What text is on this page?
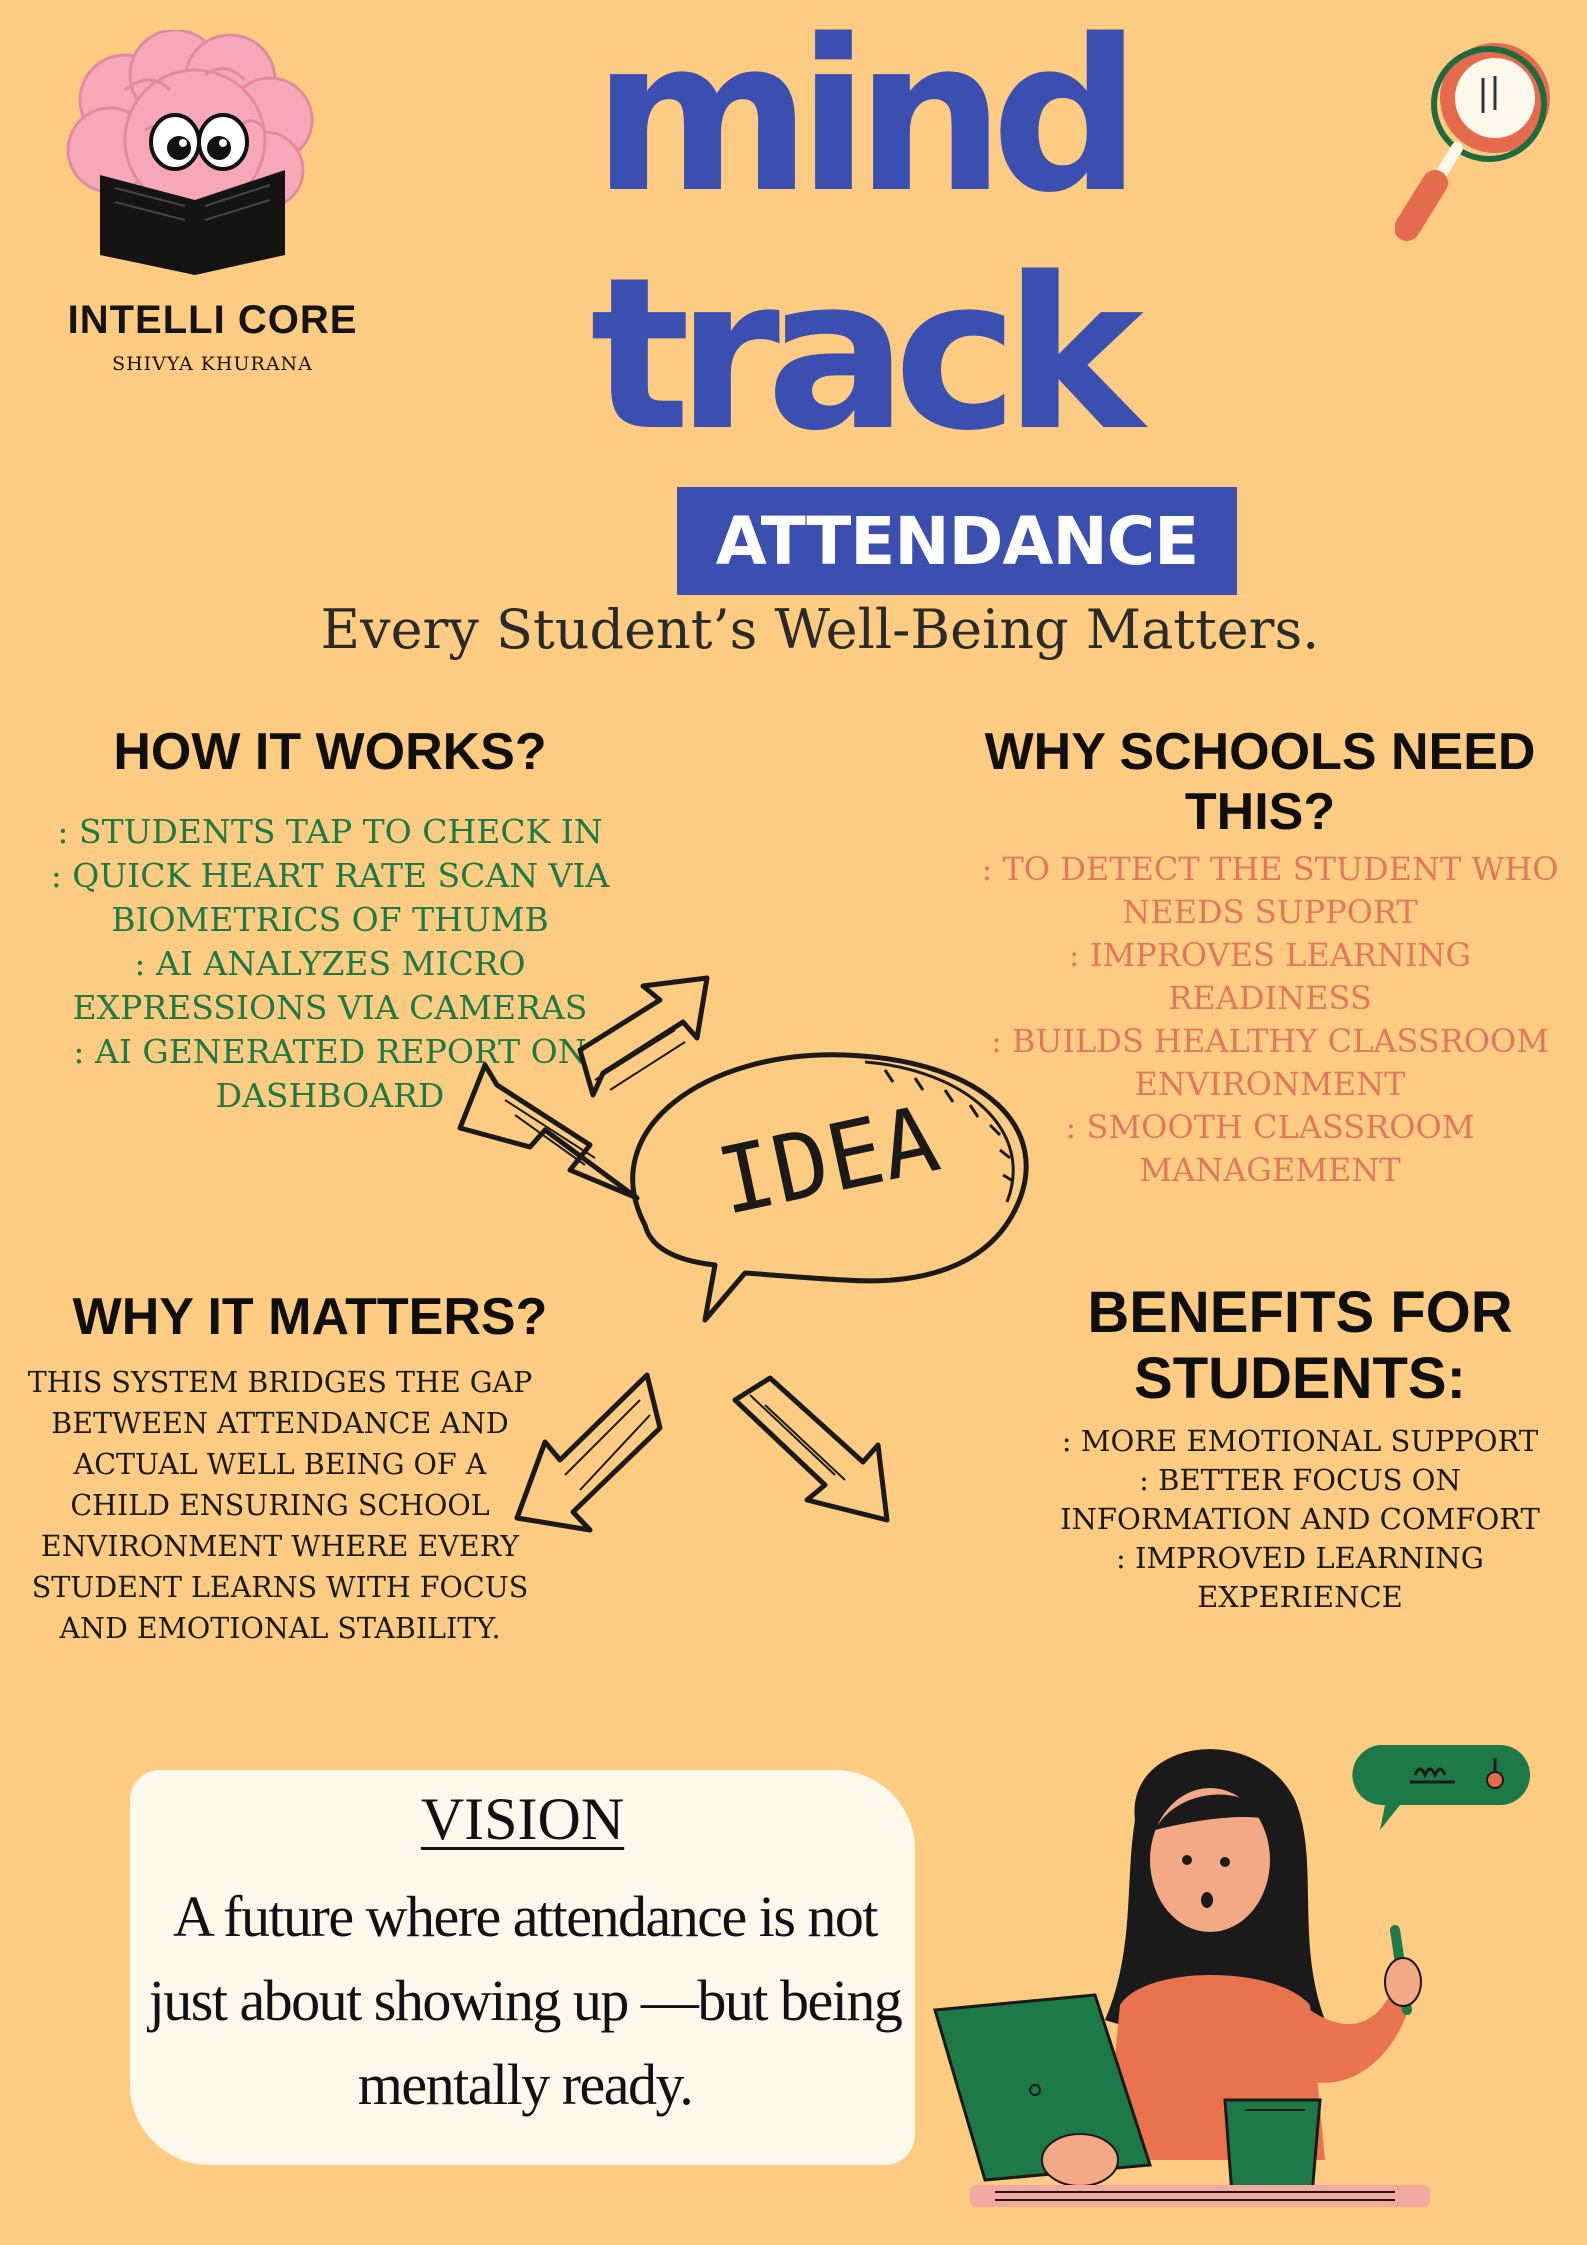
INTELLI CORE
SHIVYA KHURANA
mind
track
ATTENDANCE
Every Student’s Well-Being Matters.
HOW IT WORKS?
: STUDENTS TAP TO CHECK IN
: QUICK HEART RATE SCAN VIA BIOMETRICS OF THUMB
: AI ANALYZES MICRO EXPRESSIONS VIA CAMERAS
: AI GENERATED REPORT ON DASHBOARD
WHY SCHOOLS NEED THIS?
: TO DETECT THE STUDENT WHO NEEDS SUPPORT
: IMPROVES LEARNING READINESS
: BUILDS HEALTHY CLASSROOM ENVIRONMENT
: SMOOTH CLASSROOM MANAGEMENT
IDEA
WHY IT MATTERS?

THIS SYSTEM BRIDGES THE GAP BETWEEN ATTENDANCE AND ACTUAL WELL BEING OF A CHILD ENSURING SCHOOL ENVIRONMENT WHERE EVERY STUDENT LEARNS WITH FOCUS AND EMOTIONAL STABILITY.

BENEFITS FOR STUDENTS:
: MORE EMOTIONAL SUPPORT
: BETTER FOCUS ON INFORMATION AND COMFORT
: IMPROVED LEARNING EXPERIENCE
VISION
A future where attendance is not just about showing up —but being mentally ready.
